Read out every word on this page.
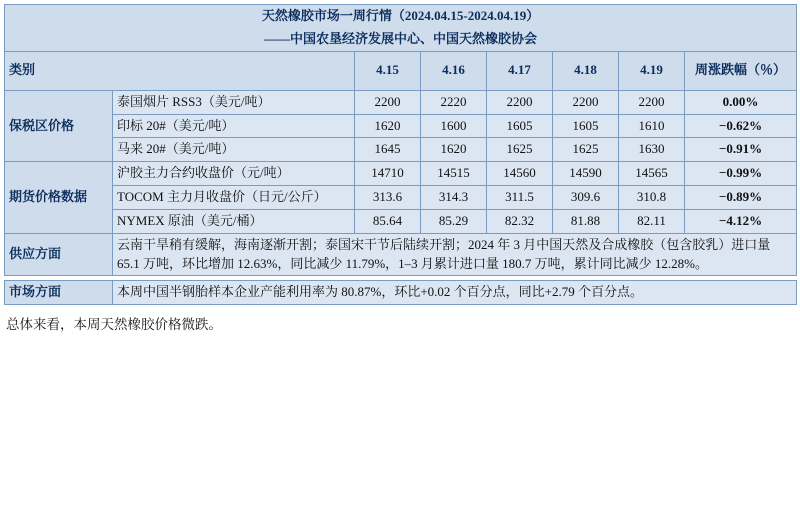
天然橡胶市场一周行情（2024.04.15-2024.04.19）							
——中国农垦经济发展中心、中国天然橡胶协会							
类别		4.15	4.16	4.17	4.18	4.19	周涨跌幅（％）
保税区价格	泰国烟片 RSS3（美元/吨）	2200	2220	2200	2200	2200	0.00%
	印标 20#（美元/吨）	1620	1600	1605	1605	1610	−0.62%
	马来 20#（美元/吨）	1645	1620	1625	1625	1630	−0.91%
期货价格数据	沪胶主力合约收盘价（元/吨）	14710	14515	14560	14590	14565	−0.99%
	TOCOM 主力月收盘价（日元/公斤）	313.6	314.3	311.5	309.6	310.8	−0.89%
	NYMEX 原油（美元/桶）	85.64	85.29	82.32	81.88	82.11	−4.12%
供应方面	云南干旱稍有缓解，海南逐渐开割；泰国宋干节后陆续开割；2024 年 3 月中国天然及合成橡胶（包含胶乳）进口量 65.1 万吨，环比增加 12.63%，同比减少 11.79%，1–3 月累计进口量 180.7 万吨，累计同比减少 12.28%。						

市场方面	本周中国半钢胎样本企业产能利用率为 80.87%，环比+0.02 个百分点，同比+2.79 个百分点。						
总体来看，本周天然橡胶价格微跌。
